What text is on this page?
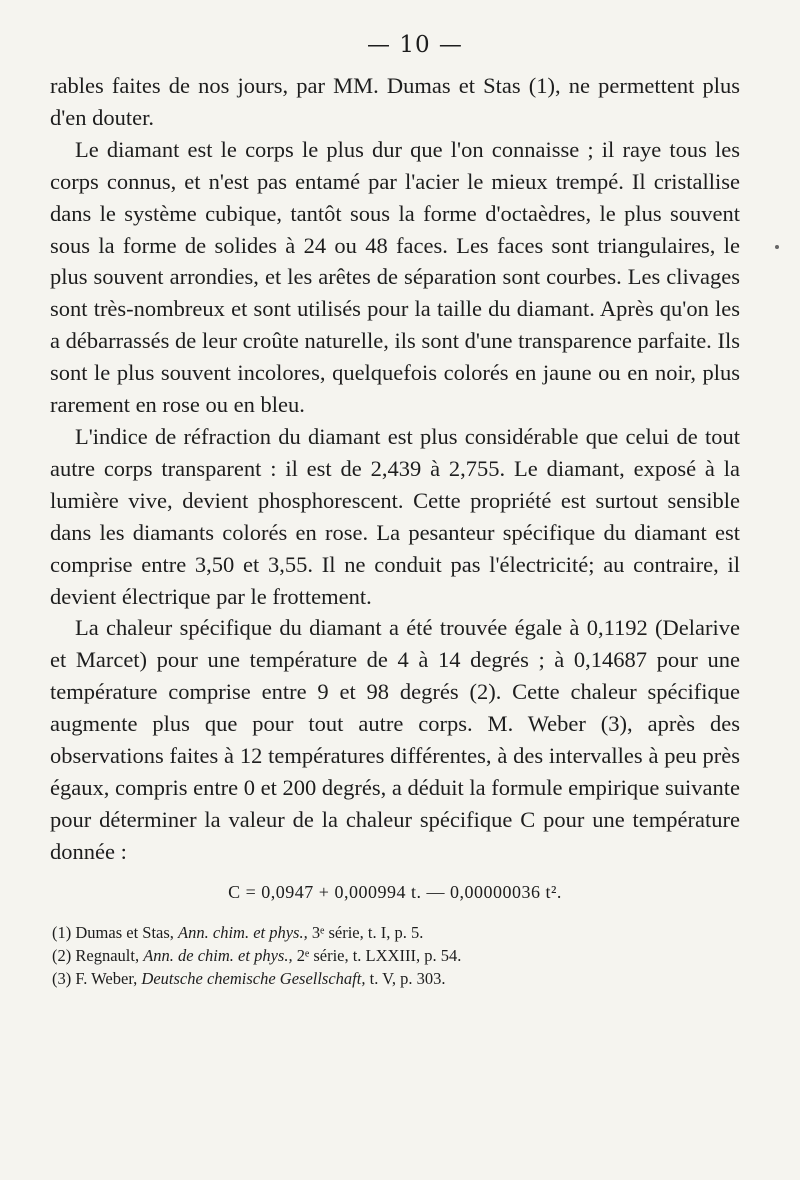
— 10 —

rables faites de nos jours, par MM. Dumas et Stas (1), ne permettent plus d'en douter.

Le diamant est le corps le plus dur que l'on connaisse ; il raye tous les corps connus, et n'est pas entamé par l'acier le mieux trempé. Il cristallise dans le système cubique, tantôt sous la forme d'octaèdres, le plus souvent sous la forme de solides à 24 ou 48 faces. Les faces sont triangulaires, le plus souvent arrondies, et les arêtes de séparation sont courbes. Les clivages sont très-nombreux et sont utilisés pour la taille du diamant. Après qu'on les a débarrassés de leur croûte naturelle, ils sont d'une transparence parfaite. Ils sont le plus souvent incolores, quelquefois colorés en jaune ou en noir, plus rarement en rose ou en bleu.

L'indice de réfraction du diamant est plus considérable que celui de tout autre corps transparent : il est de 2,439 à 2,755. Le diamant, exposé à la lumière vive, devient phosphorescent. Cette propriété est surtout sensible dans les diamants colorés en rose. La pesanteur spécifique du diamant est comprise entre 3,50 et 3,55. Il ne conduit pas l'électricité; au contraire, il devient électrique par le frottement.

La chaleur spécifique du diamant a été trouvée égale à 0,1192 (Delarive et Marcet) pour une température de 4 à 14 degrés ; à 0,14687 pour une température comprise entre 9 et 98 degrés (2). Cette chaleur spécifique augmente plus que pour tout autre corps. M. Weber (3), après des observations faites à 12 températures différentes, à des intervalles à peu près égaux, compris entre 0 et 200 degrés, a déduit la formule empirique suivante pour déterminer la valeur de la chaleur spécifique C pour une température donnée :

C = 0,0947 + 0,000994 t. — 0,00000036 t².
(1) Dumas et Stas, Ann. chim. et phys., 3ᵉ série, t. I, p. 5.
(2) Regnault, Ann. de chim. et phys., 2ᵉ série, t. LXXIII, p. 54.
(3) F. Weber, Deutsche chemische Gesellschaft, t. V, p. 303.
